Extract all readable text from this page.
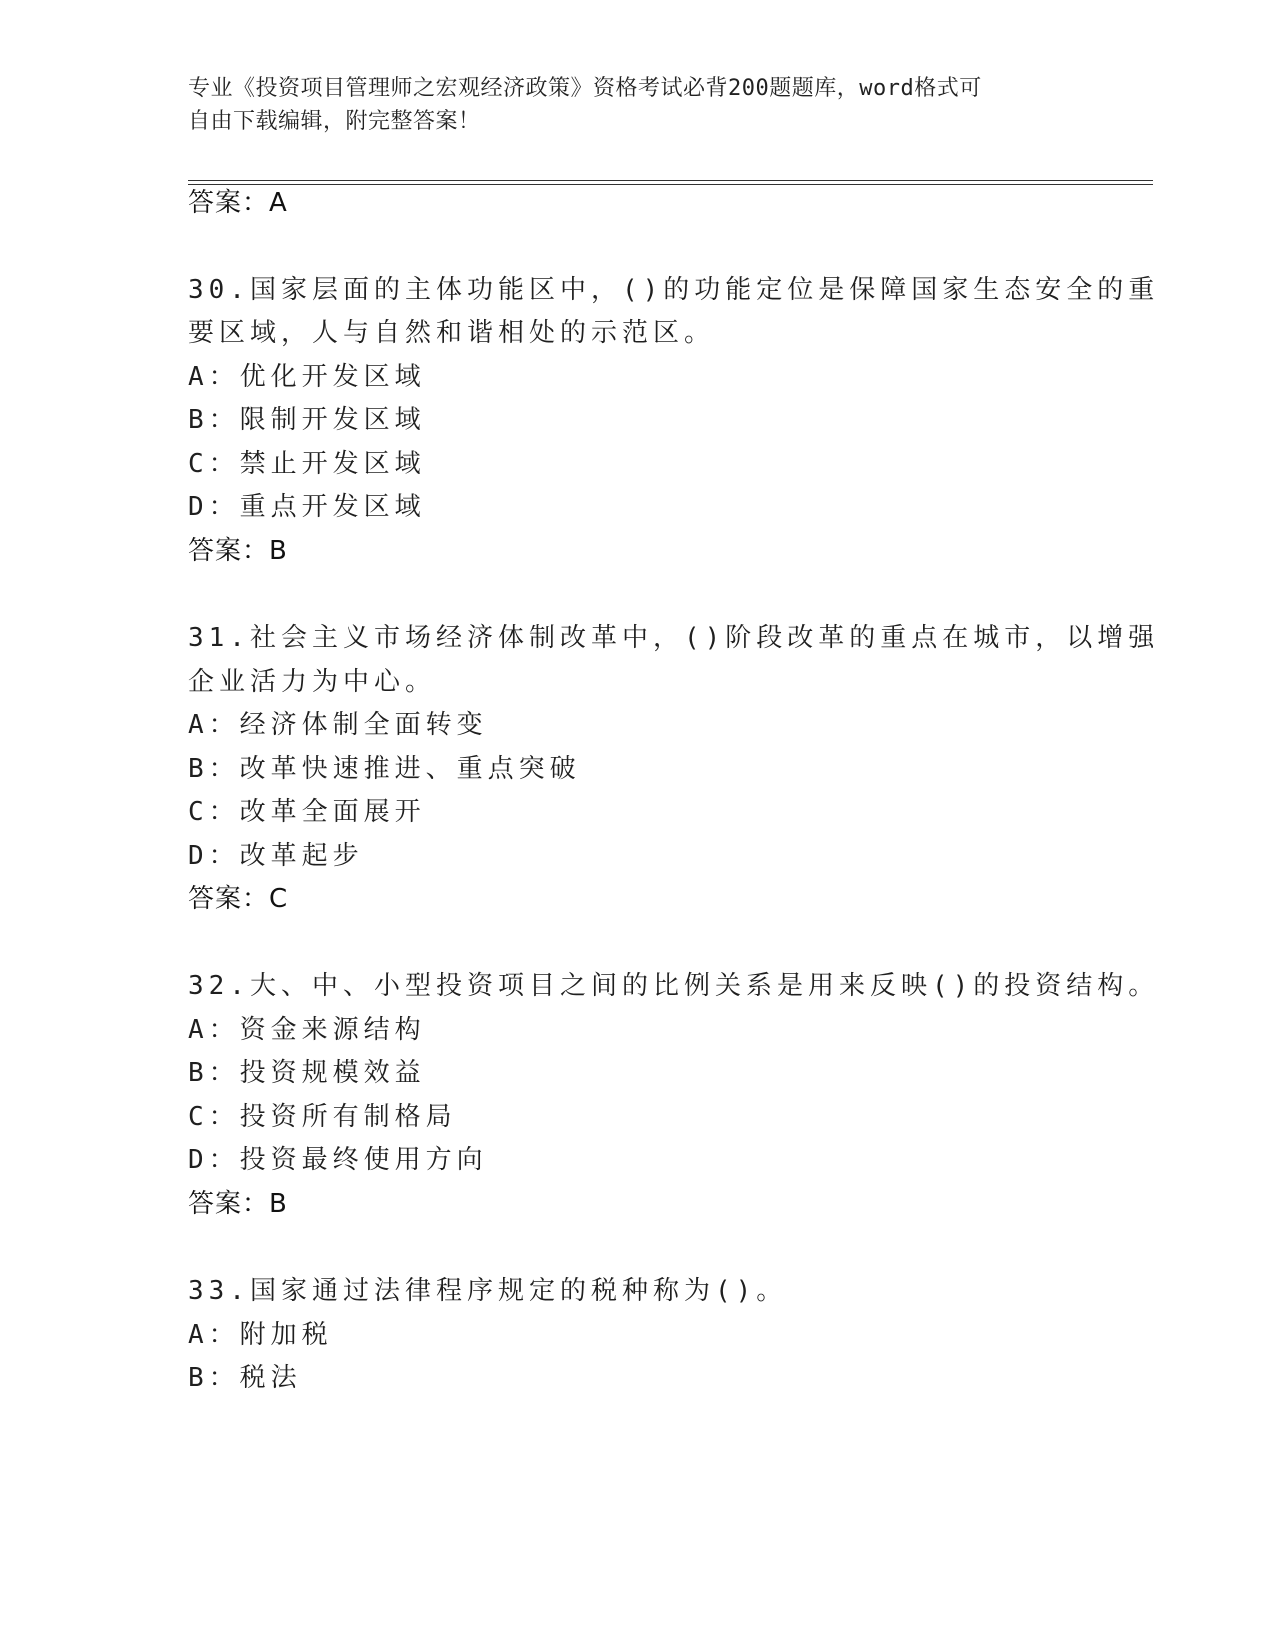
专业《投资项目管理师之宏观经济政策》资格考试必背200题题库，word格式可
自由下载编辑，附完整答案！
答案：A
30.国家层面的主体功能区中，()的功能定位是保障国家生态安全的重
要区域，人与自然和谐相处的示范区。
A：优化开发区域
B：限制开发区域
C：禁止开发区域
D：重点开发区域
答案：B
31.社会主义市场经济体制改革中，()阶段改革的重点在城市，以增强
企业活力为中心。
A：经济体制全面转变
B：改革快速推进、重点突破
C：改革全面展开
D：改革起步
答案：C
32.大、中、小型投资项目之间的比例关系是用来反映()的投资结构。
A：资金来源结构
B：投资规模效益
C：投资所有制格局
D：投资最终使用方向
答案：B
33.国家通过法律程序规定的税种称为()。
A：附加税
B：税法
